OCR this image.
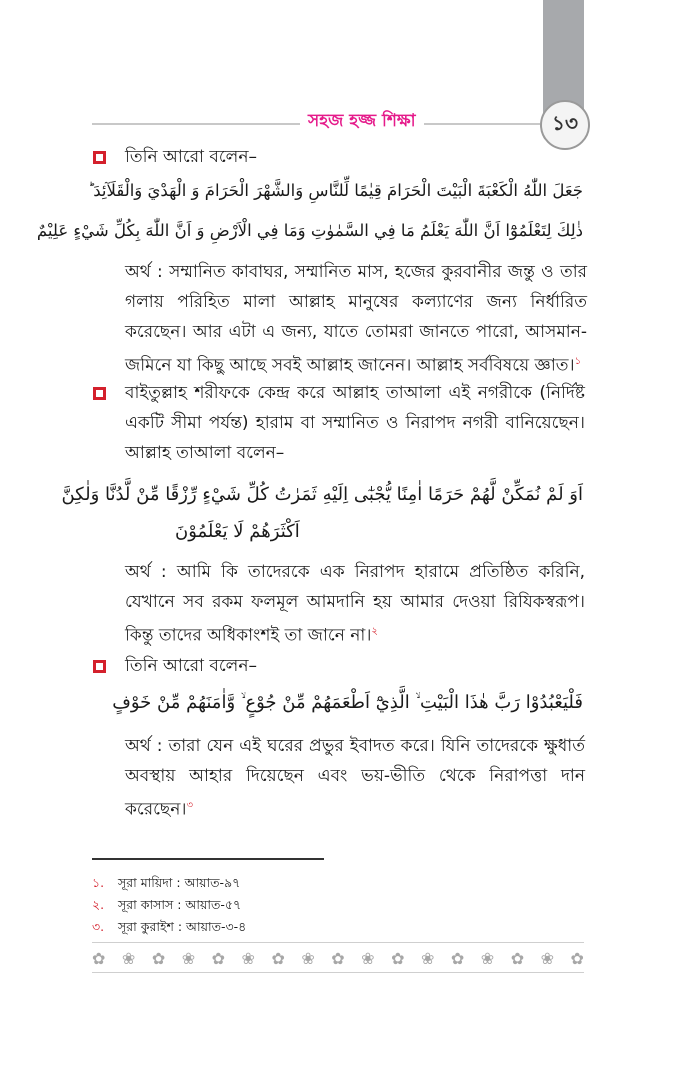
সহজ হজ্জ শিক্ষা	১৩
তিনি আরো বলেন–
جَعَلَ اللّٰهُ الْكَعْبَةَ الْبَيْتَ الْحَرَامَ قِيٰمًا لِّلنَّاسِ وَالشَّهْرَ الْحَرَامَ وَ الْهَدْيَ وَالْقَلَآئِدَ ؕ
ذٰلِكَ لِتَعْلَمُوْٓا اَنَّ اللّٰهَ يَعْلَمُ مَا فِي السَّمٰوٰتِ وَمَا فِي الْاَرْضِ وَ اَنَّ اللّٰهَ بِكُلِّ شَيْءٍ عَلِيْمٌ
অর্থ : সম্মানিত কাবাঘর, সম্মানিত মাস, হজের কুরবানীর জন্তু ও তার গলায় পরিহিত মালা আল্লাহ মানুষের কল্যাণের জন্য নির্ধারিত করেছেন। আর এটা এ জন্য, যাতে তোমরা জানতে পারো, আসমান-জমিনে যা কিছু আছে সবই আল্লাহ জানেন। আল্লাহ সর্ববিষয়ে জ্ঞাত।$^১$
বাইতুল্লাহ শরীফকে কেন্দ্র করে আল্লাহ তাআলা এই নগরীকে (নির্দিষ্ট একটি সীমা পর্যন্ত) হারাম বা সম্মানিত ও নিরাপদ নগরী বানিয়েছেন। আল্লাহ তাআলা বলেন–
اَوَ لَمْ نُمَكِّنْ لَّهُمْ حَرَمًا اٰمِنًا يُّجْبٰٓى اِلَيْهِ ثَمَرٰتُ كُلِّ شَيْءٍ رِّزْقًا مِّنْ لَّدُنَّا وَلٰكِنَّ
اَكْثَرَهُمْ لَا يَعْلَمُوْنَ
অর্থ : আমি কি তাদেরকে এক নিরাপদ হারামে প্রতিষ্ঠিত করিনি, যেখানে সব রকম ফলমূল আমদানি হয় আমার দেওয়া রিযিকস্বরূপ। কিন্তু তাদের অধিকাংশই তা জানে না।$^২$
তিনি আরো বলেন–
فَلْيَعْبُدُوْا رَبَّ هٰذَا الْبَيْتِ ۙ الَّذِيْٓ اَطْعَمَهُمْ مِّنْ جُوْعٍ ۙ وَّاٰمَنَهُمْ مِّنْ خَوْفٍ
অর্থ : তারা যেন এই ঘরের প্রভুর ইবাদত করে। যিনি তাদেরকে ক্ষুধার্ত অবস্থায় আহার দিয়েছেন এবং ভয়-ভীতি থেকে নিরাপত্তা দান করেছেন।$^৩$
১. সূরা মায়িদা : আয়াত-৯৭
২. সূরা কাসাস : আয়াত-৫৭
৩. সূরা কুরাইশ : আয়াত-৩-৪
✿ ❀ ✿ ❀ ✿ ❀ ✿ ❀ ✿ ❀ ✿ ❀ ✿ ❀ ✿ ❀ ✿
